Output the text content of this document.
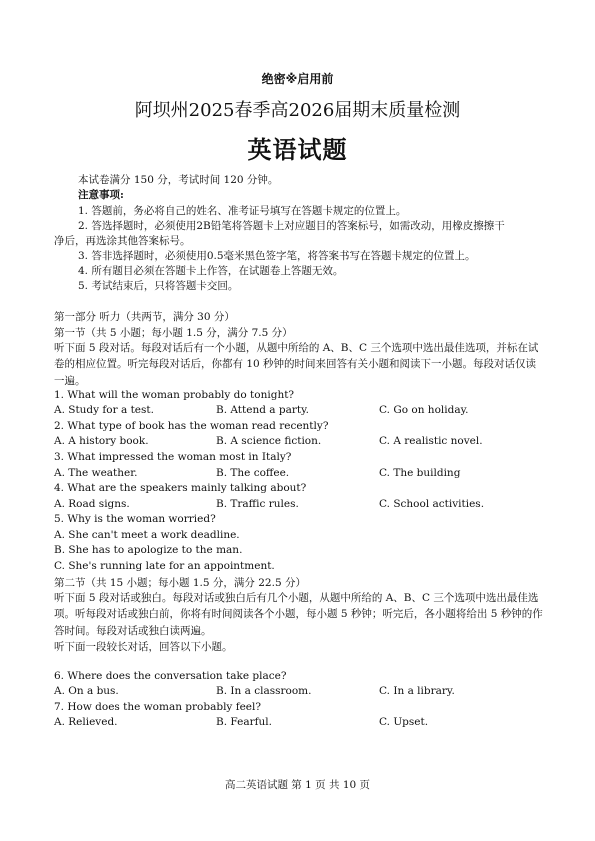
绝密※启用前
阿坝州2025春季高2026届期末质量检测
英语试题
本试卷满分 150 分，考试时间 120 分钟。
注意事项:
1. 答题前，务必将自己的姓名、准考证号填写在答题卡规定的位置上。
2. 答选择题时，必须使用2B铅笔将答题卡上对应题目的答案标号，如需改动，用橡皮擦擦干
净后，再选涂其他答案标号。
3. 答非选择题时，必须使用0.5毫米黑色签字笔，将答案书写在答题卡规定的位置上。
4. 所有题目必须在答题卡上作答，在试题卷上答题无效。
5. 考试结束后，只将答题卡交回。
第一部分 听力（共两节，满分 30 分）
第一节（共 5 小题；每小题 1.5 分，满分 7.5 分）
听下面 5 段对话。每段对话后有一个小题，从题中所给的 A、B、C 三个选项中选出最佳选项，并标在试卷的相应位置。听完每段对话后，你都有 10 秒钟的时间来回答有关小题和阅读下一小题。每段对话仅读一遍。
1. What will the woman probably do tonight?
A. Study for a test.	B. Attend a party.	C. Go on holiday.
2. What type of book has the woman read recently?
A. A history book.	B. A science fiction.	C. A realistic novel.
3. What impressed the woman most in Italy?
A. The weather.	B. The coffee.	C. The building
4. What are the speakers mainly talking about?
A. Road signs.	B. Traffic rules.	C. School activities.
5. Why is the woman worried?
A. She can't meet a work deadline.
B. She has to apologize to the man.
C. She's running late for an appointment.
第二节（共 15 小题；每小题 1.5 分，满分 22.5 分）
听下面 5 段对话或独白。每段对话或独白后有几个小题，从题中所给的 A、B、C 三个选项中选出最佳选项。听每段对话或独白前，你将有时间阅读各个小题，每小题 5 秒钟；听完后，各小题将给出 5 秒钟的作答时间。每段对话或独白读两遍。
听下面一段较长对话，回答以下小题。
6. Where does the conversation take place?
A. On a bus.	B. In a classroom.	C. In a library.
7. How does the woman probably feel?
A. Relieved.	B. Fearful.	C. Upset.
高二英语试题 第 1 页 共 10 页
